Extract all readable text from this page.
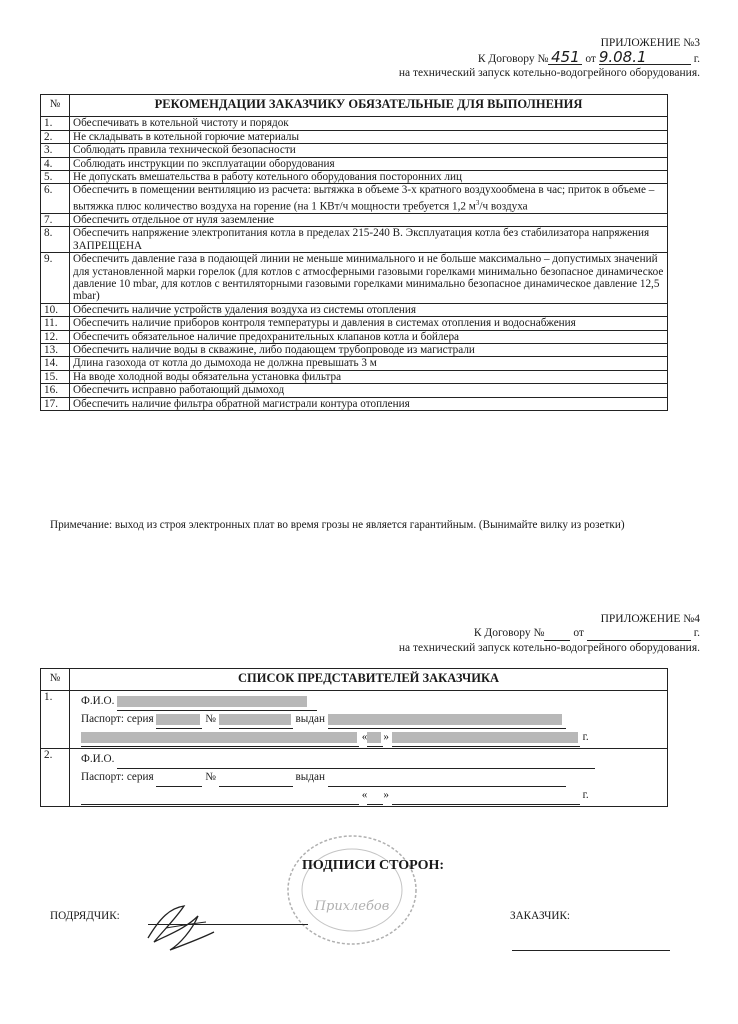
ПРИЛОЖЕНИЕ №3
К Договору № 451 от 9.08.1	г.
на технический запуск котельно-водогрейного оборудования.
№	РЕКОМЕНДАЦИИ ЗАКАЗЧИКУ ОБЯЗАТЕЛЬНЫЕ ДЛЯ ВЫПОЛНЕНИЯ
1.	Обеспечивать в котельной чистоту и порядок
2.	Не складывать в котельной горючие материалы
3.	Соблюдать правила технической безопасности
4.	Соблюдать инструкции по эксплуатации оборудования
5.	Не допускать вмешательства в работу котельного оборудования посторонних лиц
6.	Обеспечить в помещении вентиляцию из расчета: вытяжка в объеме 3-х кратного воздухообмена в час; приток в объеме – вытяжка плюс количество воздуха на горение (на 1 КВт/ч мощности требуется 1,2 $м^3/ч$ воздуха
7.	Обеспечить отдельное от нуля заземление
8.	Обеспечить напряжение электропитания котла в пределах 215-240 В. Эксплуатация котла без стабилизатора напряжения ЗАПРЕЩЕНА
9.	Обеспечить давление газа в подающей линии не меньше минимального и не больше максимально – допустимых значений для установленной марки горелок (для котлов с атмосферными газовыми горелками минимально безопасное динамическое давление 10 mbar, для котлов с вентиляторными газовыми горелками минимально безопасное динамическое давление 12,5 mbar)
10.	Обеспечить наличие устройств удаления воздуха из системы отопления
11.	Обеспечить наличие приборов контроля температуры и давления в системах отопления и водоснабжения
12.	Обеспечить обязательное наличие предохранительных клапанов котла и бойлера
13.	Обеспечить наличие воды в скважине, либо подающем трубопроводе из магистрали
14.	Длина газохода от котла до дымохода не должна превышать 3 м
15.	На вводе холодной воды обязательна установка фильтра
16.	Обеспечить исправно работающий дымоход
17.	Обеспечить наличие фильтра обратной магистрали контура отопления
Примечание: выход из строя электронных плат во время грозы не является гарантийным. (Вынимайте вилку из розетки)
ПРИЛОЖЕНИЕ №4
К Договору №	от	г.
на технический запуск котельно-водогрейного оборудования.
№	СПИСОК ПРЕДСТАВИТЕЛЕЙ ЗАКАЗЧИКА
1.	Ф.И.О.
Паспорт: серия № выдан
« » г.

2.	Ф.И.О.
Паспорт: серия № выдан
« » г.
Прихлебов
ПОДПИСИ СТОРОН:
ПОДРЯДЧИК:	ЗАКАЗЧИК:
